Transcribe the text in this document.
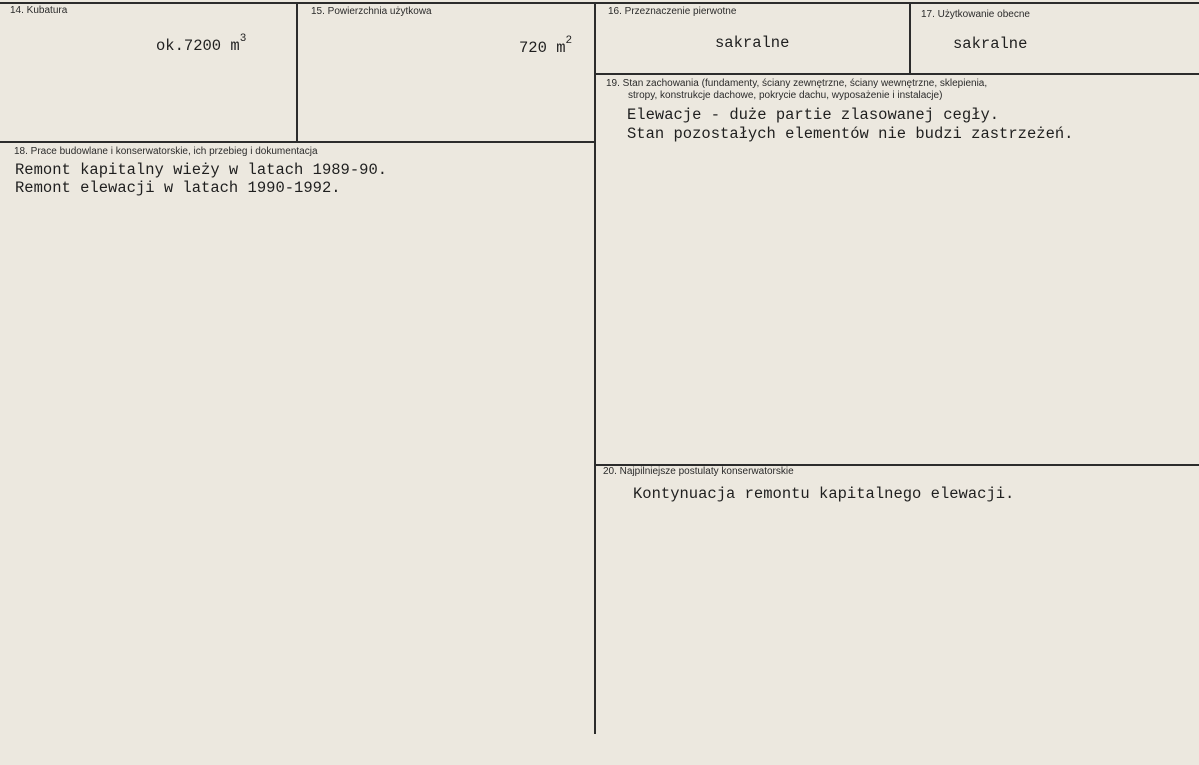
14. Kubatura
ok.7200 $m^3$
15. Powierzchnia użytkowa
720 $m^2$
16. Przeznaczenie pierwotne
sakralne
17. Użytkowanie obecne
sakralne
19. Stan zachowania (fundamenty, ściany zewnętrzne, ściany wewnętrzne, sklepienia,
stropy, konstrukcje dachowe, pokrycie dachu, wyposażenie i instalacje)
Elewacje - duże partie zlasowanej cegły.
Stan pozostałych elementów nie budzi zastrzeżeń.
18. Prace budowlane i konserwatorskie, ich przebieg i dokumentacja
Remont kapitalny wieży w latach 1989-90.
Remont elewacji w latach 1990-1992.
20. Najpilniejsze postulaty konserwatorskie
Kontynuacja remontu kapitalnego elewacji.
